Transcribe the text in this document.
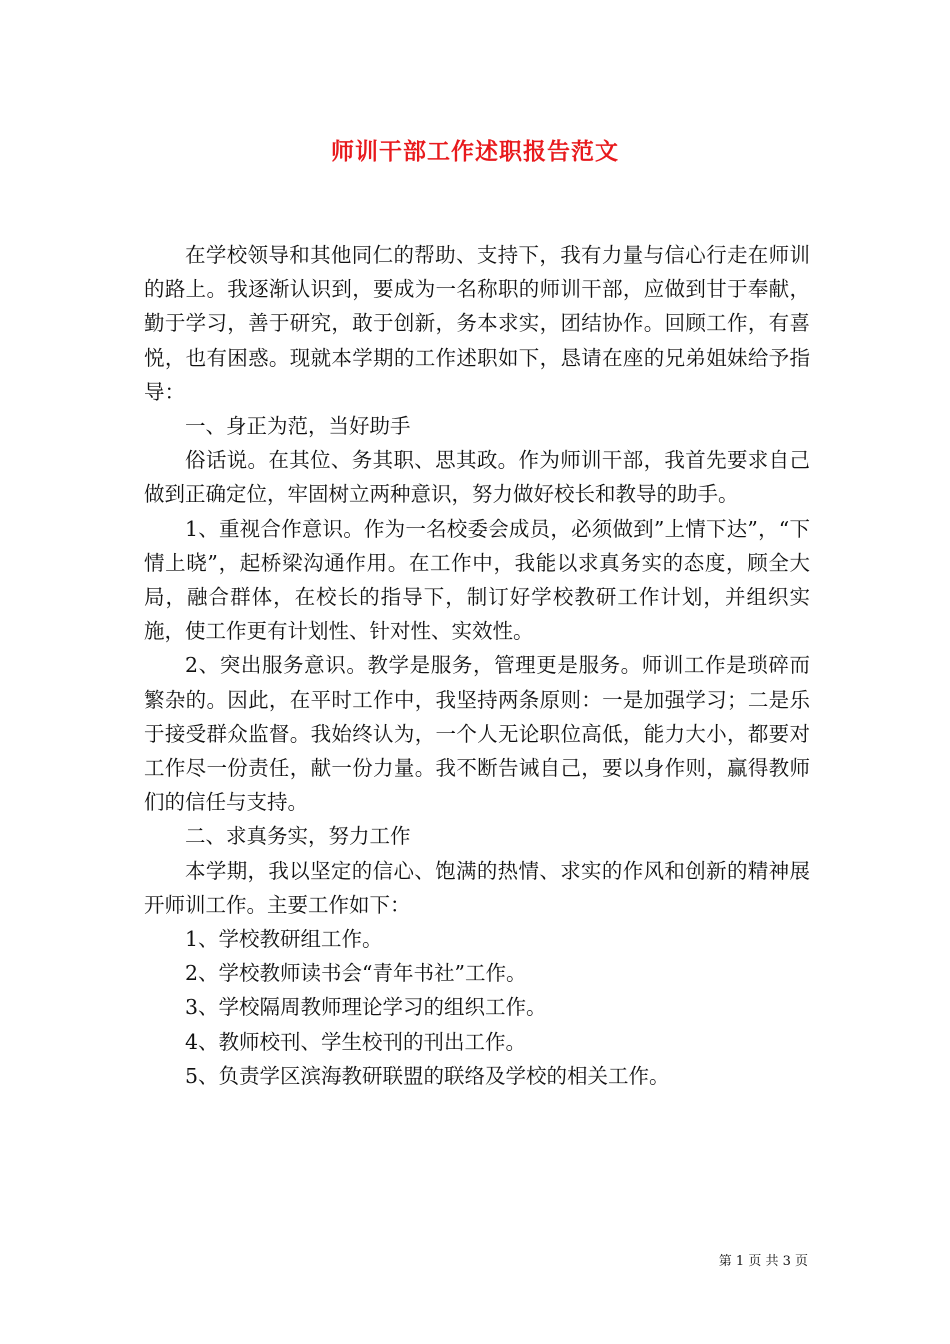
师训干部工作述职报告范文

在学校领导和其他同仁的帮助、支持下，我有力量与信心行走在师训的路上。我逐渐认识到，要成为一名称职的师训干部，应做到甘于奉献，勤于学习，善于研究，敢于创新，务本求实，团结协作。回顾工作，有喜悦，也有困惑。现就本学期的工作述职如下，恳请在座的兄弟姐妹给予指导：

一、身正为范，当好助手

俗话说。在其位、务其职、思其政。作为师训干部，我首先要求自己做到正确定位，牢固树立两种意识，努力做好校长和教导的助手。

1、重视合作意识。作为一名校委会成员，必须做到”上情下达”，“下情上晓”，起桥梁沟通作用。在工作中，我能以求真务实的态度，顾全大局，融合群体，在校长的指导下，制订好学校教研工作计划，并组织实施，使工作更有计划性、针对性、实效性。

2、突出服务意识。教学是服务，管理更是服务。师训工作是琐碎而繁杂的。因此，在平时工作中，我坚持两条原则：一是加强学习；二是乐于接受群众监督。我始终认为，一个人无论职位高低，能力大小，都要对工作尽一份责任，献一份力量。我不断告诫自己，要以身作则，赢得教师们的信任与支持。

二、求真务实，努力工作

本学期，我以坚定的信心、饱满的热情、求实的作风和创新的精神展开师训工作。主要工作如下：

1、学校教研组工作。

2、学校教师读书会“青年书社”工作。

3、学校隔周教师理论学习的组织工作。

4、教师校刊、学生校刊的刊出工作。

5、负责学区滨海教研联盟的联络及学校的相关工作。

第 1 页 共 3 页
